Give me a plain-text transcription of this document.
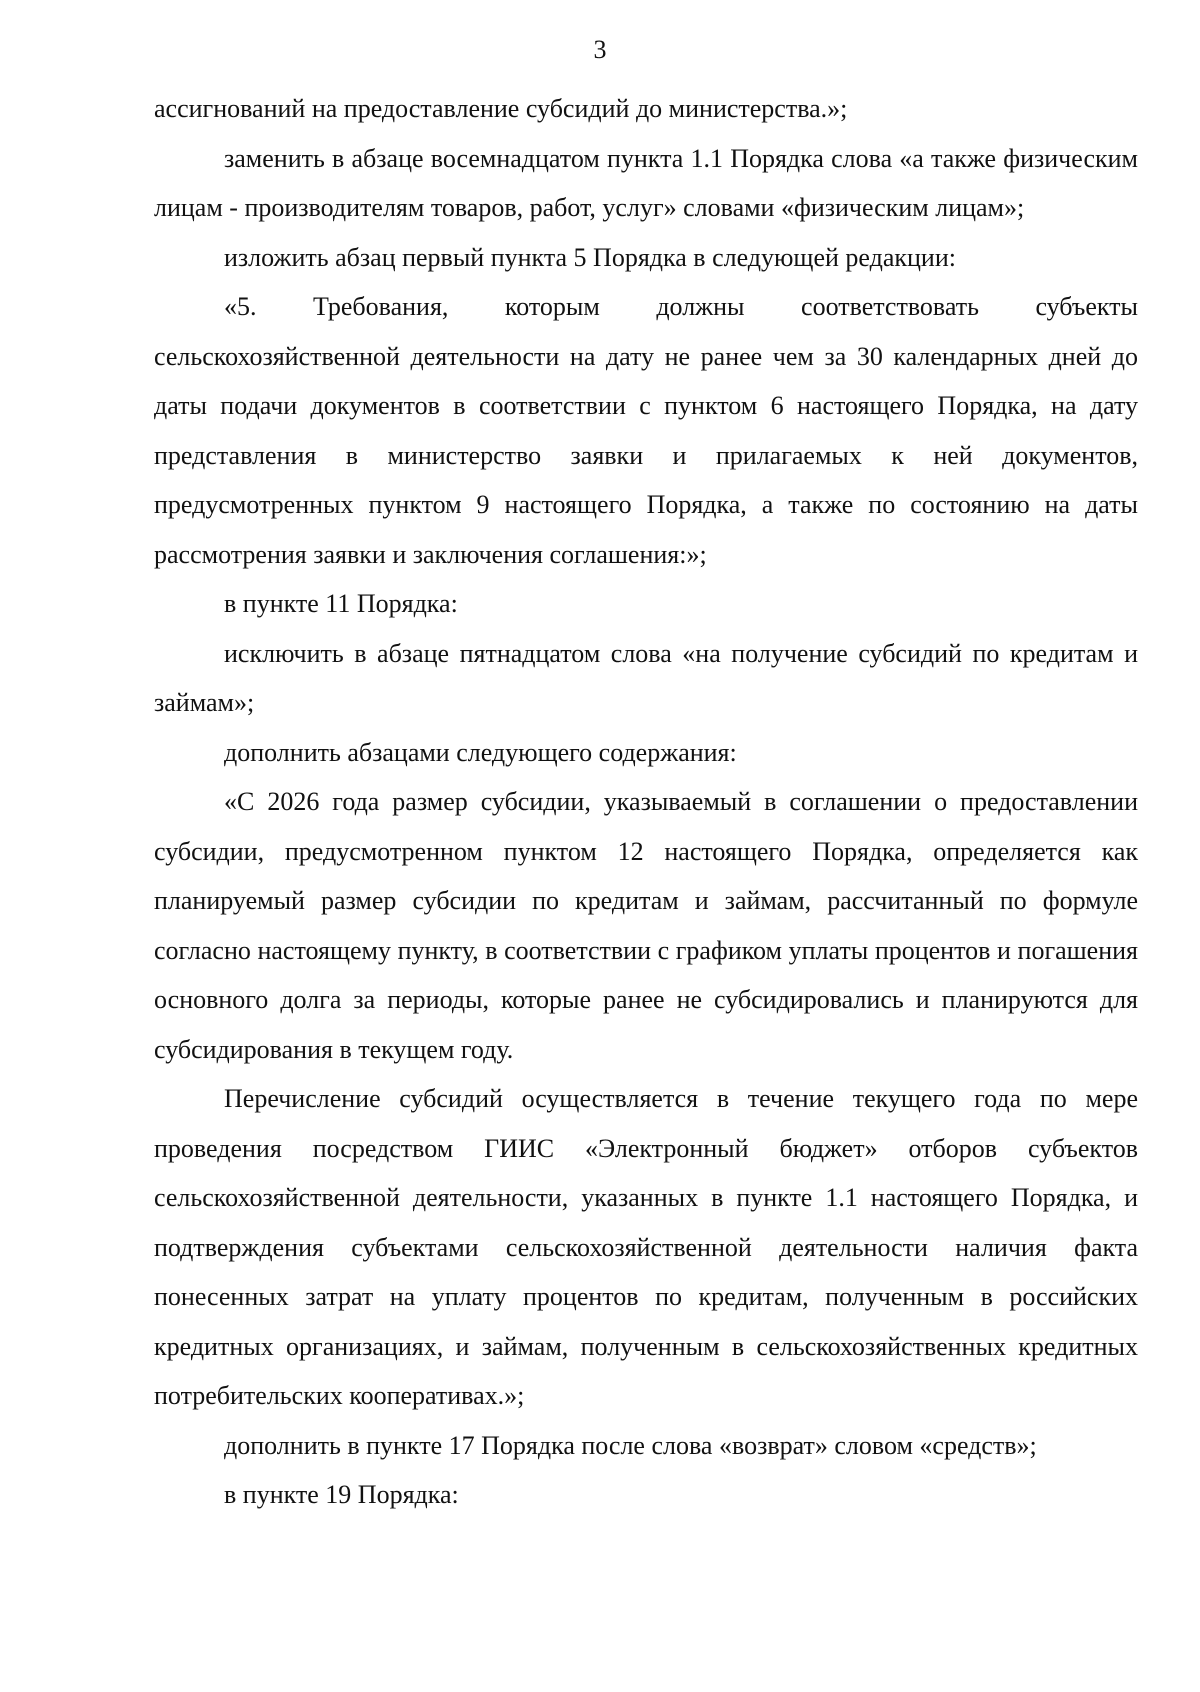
3

ассигнований на предоставление субсидий до министерства.»;

заменить в абзаце восемнадцатом пункта 1.1 Порядка слова «а также физическим лицам - производителям товаров, работ, услуг» словами «физическим лицам»;

изложить абзац первый пункта 5 Порядка в следующей редакции:

«5. Требования, которым должны соответствовать субъекты сельскохозяйственной деятельности на дату не ранее чем за 30 календарных дней до даты подачи документов в соответствии с пунктом 6 настоящего Порядка, на дату представления в министерство заявки и прилагаемых к ней документов, предусмотренных пунктом 9 настоящего Порядка, а также по состоянию на даты рассмотрения заявки и заключения соглашения:»;

в пункте 11 Порядка:

исключить в абзаце пятнадцатом слова «на получение субсидий по кредитам и займам»;

дополнить абзацами следующего содержания:

«С 2026 года размер субсидии, указываемый в соглашении о предоставлении субсидии, предусмотренном пунктом 12 настоящего Порядка, определяется как планируемый размер субсидии по кредитам и займам, рассчитанный по формуле согласно настоящему пункту, в соответствии с графиком уплаты процентов и погашения основного долга за периоды, которые ранее не субсидировались и планируются для субсидирования в текущем году.

Перечисление субсидий осуществляется в течение текущего года по мере проведения посредством ГИИС «Электронный бюджет» отборов субъектов сельскохозяйственной деятельности, указанных в пункте 1.1 настоящего Порядка, и подтверждения субъектами сельскохозяйственной деятельности наличия факта понесенных затрат на уплату процентов по кредитам, полученным в российских кредитных организациях, и займам, полученным в сельскохозяйственных кредитных потребительских кооперативах.»;

дополнить в пункте 17 Порядка после слова «возврат» словом «средств»;

в пункте 19 Порядка:
